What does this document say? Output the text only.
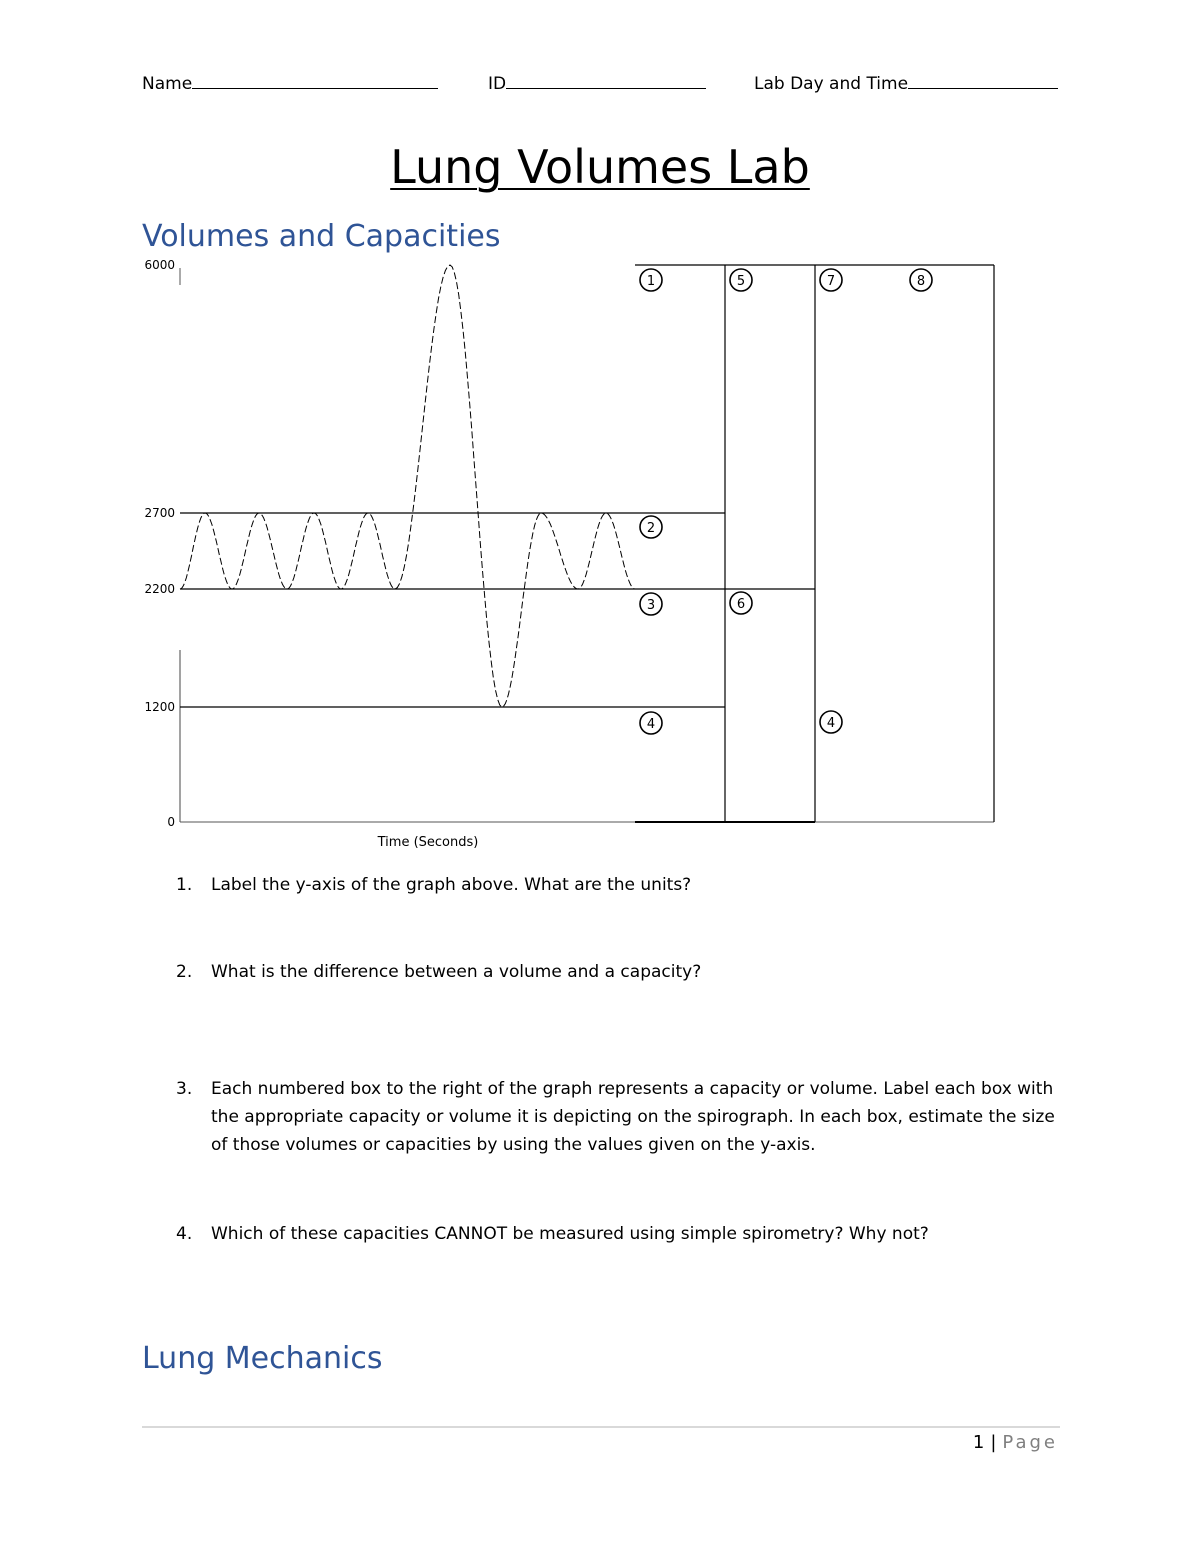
Name	ID	Lab Day and Time
Lung Volumes Lab
Volumes and Capacities
6000
2700
2200
1200
0
1	5	7	8
2
3	6
4	4
Time (Seconds)
1. Label the y-axis of the graph above. What are the units?
2. What is the difference between a volume and a capacity?
3. Each numbered box to the right of the graph represents a capacity or volume. Label each box with the appropriate capacity or volume it is depicting on the spirograph. In each box, estimate the size of those volumes or capacities by using the values given on the y-axis.
4. Which of these capacities CANNOT be measured using simple spirometry? Why not?
Lung Mechanics
1 | Page
